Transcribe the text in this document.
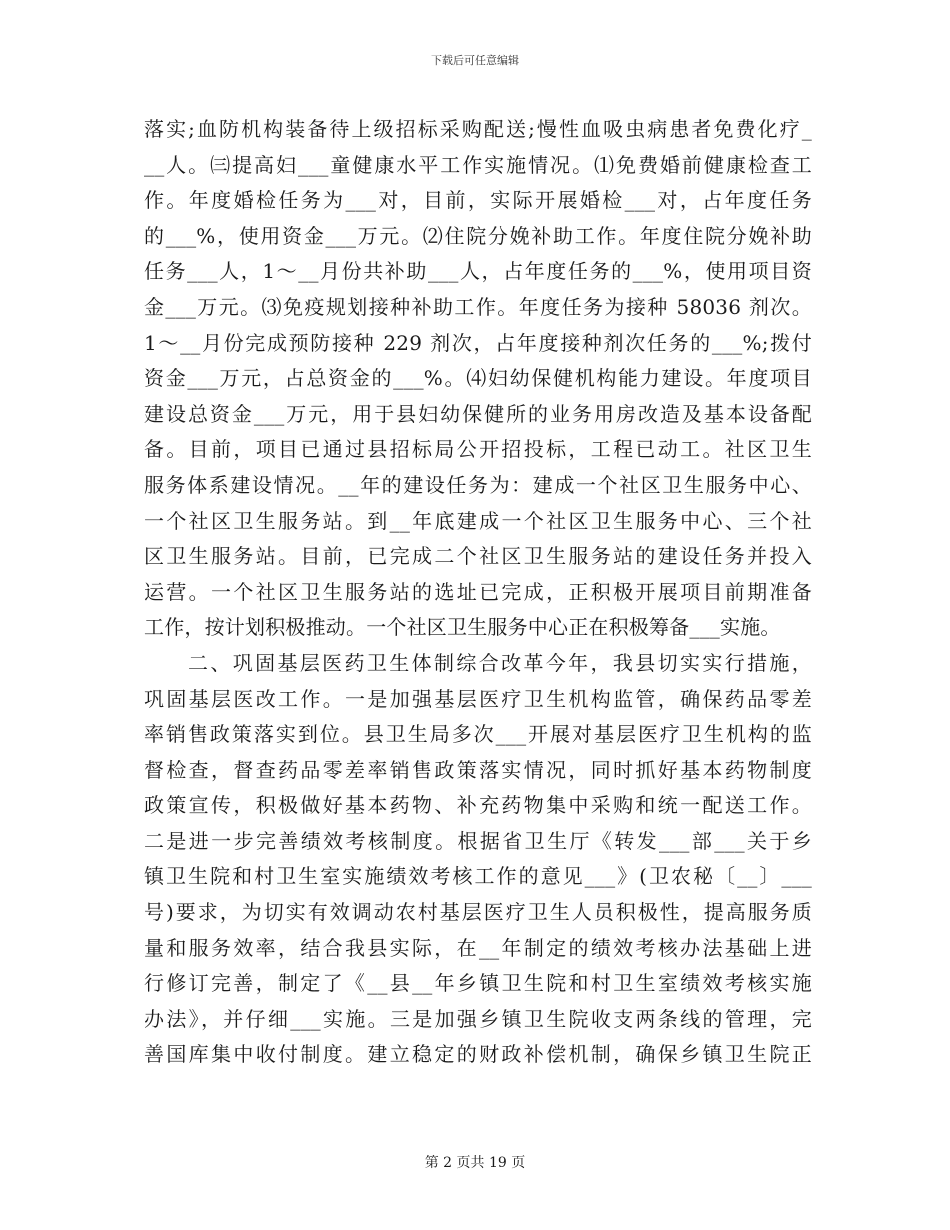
下载后可任意编辑
落实;血防机构装备待上级招标采购配送;慢性血吸虫病患者免费化疗_
__人。㈢提高妇___童健康水平工作实施情况。⑴免费婚前健康检查工
作。年度婚检任务为___对，目前，实际开展婚检___对，占年度任务
的___%，使用资金___万元。⑵住院分娩补助工作。年度住院分娩补助
任务___人，1～__月份共补助___人，占年度任务的___%，使用项目资
金___万元。⑶免疫规划接种补助工作。年度任务为接种 58036 剂次。
1～__月份完成预防接种 229 剂次，占年度接种剂次任务的___%;拨付
资金___万元，占总资金的___%。⑷妇幼保健机构能力建设。年度项目
建设总资金___万元，用于县妇幼保健所的业务用房改造及基本设备配
备。目前，项目已通过县招标局公开招投标，工程已动工。社区卫生
服务体系建设情况。__年的建设任务为：建成一个社区卫生服务中心、
一个社区卫生服务站。到__年底建成一个社区卫生服务中心、三个社
区卫生服务站。目前，已完成二个社区卫生服务站的建设任务并投入
运营。一个社区卫生服务站的选址已完成，正积极开展项目前期准备
工作，按计划积极推动。一个社区卫生服务中心正在积极筹备___实施。
二、巩固基层医药卫生体制综合改革今年，我县切实实行措施，
巩固基层医改工作。一是加强基层医疗卫生机构监管，确保药品零差
率销售政策落实到位。县卫生局多次___开展对基层医疗卫生机构的监
督检查，督查药品零差率销售政策落实情况，同时抓好基本药物制度
政策宣传，积极做好基本药物、补充药物集中采购和统一配送工作。
二是进一步完善绩效考核制度。根据省卫生厅《转发___部___关于乡
镇卫生院和村卫生室实施绩效考核工作的意见___》(卫农秘〔__〕___
号)要求，为切实有效调动农村基层医疗卫生人员积极性，提高服务质
量和服务效率，结合我县实际，在__年制定的绩效考核办法基础上进
行修订完善，制定了《__县__年乡镇卫生院和村卫生室绩效考核实施
办法》，并仔细___实施。三是加强乡镇卫生院收支两条线的管理，完
善国库集中收付制度。建立稳定的财政补偿机制，确保乡镇卫生院正
第 2 页共 19 页
